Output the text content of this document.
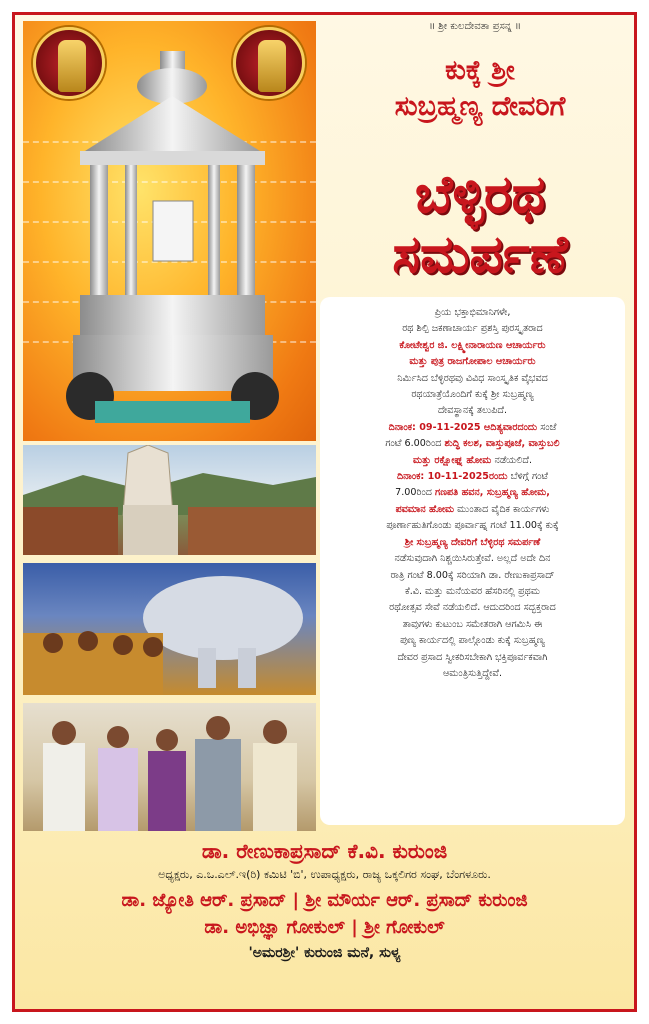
॥ ಶ್ರೀ ಕುಲದೇವತಾ ಪ್ರಸನ್ನ ॥
ಕುಕ್ಕೆ ಶ್ರೀ
ಸುಬ್ರಹ್ಮಣ್ಯ ದೇವರಿಗೆ
ಬೆಳ್ಳಿರಥ
ಸಮರ್ಪಣೆ

ಪ್ರಿಯ ಭಕ್ತಾಭಿಮಾನಿಗಳೇ,

ರಥ ಶಿಲ್ಪಿ ಜಕಣಾಚಾರ್ಯ ಪ್ರಶಸ್ತಿ ಪುರಸ್ಕೃತರಾದ

ಕೋಟೇಶ್ವರ ಜಿ. ಲಕ್ಷ್ಮೀನಾರಾಯಣ ಆಚಾರ್ಯರು

ಮತ್ತು ಪುತ್ರ ರಾಜಗೋಪಾಲ ಆಚಾರ್ಯರು

ನಿರ್ಮಿಸಿದ ಬೆಳ್ಳಿರಥವು ವಿವಿಧ ಸಾಂಸ್ಕೃತಿಕ ವೈಭವದ

ರಥಯಾತ್ರೆಯೊಂದಿಗೆ ಕುಕ್ಕೆ ಶ್ರೀ ಸುಬ್ರಹ್ಮಣ್ಯ

ದೇವಸ್ಥಾನಕ್ಕೆ ತಲುಪಿದೆ.

ದಿನಾಂಕ: 09-11-2025 ಆದಿತ್ಯವಾರದಂದು ಸಂಜೆ

ಗಂಟೆ 6.00ರಿಂದ ಶುದ್ಧಿ ಕಲಶ, ವಾಸ್ತುಪೂಜೆ, ವಾಸ್ತುಬಲಿ

ಮತ್ತು ರಕ್ಷೋಘ್ನ ಹೋಮ ನಡೆಯಲಿದೆ.

ದಿನಾಂಕ: 10-11-2025ರಂದು ಬೆಳಿಗ್ಗೆ ಗಂಟೆ

7.00ರಿಂದ ಗಣಪತಿ ಹವನ, ಸುಬ್ರಹ್ಮಣ್ಯ ಹೋಮ,

ಪವಮಾನ ಹೋಮ ಮುಂತಾದ ವೈದಿಕ ಕಾರ್ಯಗಳು

ಪೂರ್ಣಾಹುತಿಗೊಂಡು ಪೂರ್ವಾಹ್ನ ಗಂಟೆ 11.00ಕ್ಕೆ ಕುಕ್ಕೆ

ಶ್ರೀ ಸುಬ್ರಹ್ಮಣ್ಯ ದೇವರಿಗೆ ಬೆಳ್ಳಿರಥ ಸಮರ್ಪಣೆ

ನಡೆಸುವುದಾಗಿ ನಿಶ್ಚಯಿಸಿರುತ್ತೇವೆ. ಅಲ್ಲದೆ ಅದೇ ದಿನ

ರಾತ್ರಿ ಗಂಟೆ 8.00ಕ್ಕೆ ಸರಿಯಾಗಿ ಡಾ. ರೇಣುಕಾಪ್ರಸಾದ್

ಕೆ.ವಿ. ಮತ್ತು ಮನೆಯವರ ಹೆಸರಿನಲ್ಲಿ ಪ್ರಥಮ

ರಥೋತ್ಸವ ಸೇವೆ ನಡೆಯಲಿದೆ. ಆದುದರಿಂದ ಸದ್ಭಕ್ತರಾದ

ತಾವುಗಳು ಕುಟುಂಬ ಸಮೇತರಾಗಿ ಆಗಮಿಸಿ ಈ

ಪುಣ್ಯ ಕಾರ್ಯದಲ್ಲಿ ಪಾಲ್ಗೊಂಡು ಕುಕ್ಕೆ ಸುಬ್ರಹ್ಮಣ್ಯ

ದೇವರ ಪ್ರಸಾದ ಸ್ವೀಕರಿಸಬೇಕಾಗಿ ಭಕ್ತಿಪೂರ್ವಕವಾಗಿ

ಆಮಂತ್ರಿಸುತ್ತಿದ್ದೇವೆ.

ಡಾ. ರೇಣುಕಾಪ್ರಸಾದ್ ಕೆ.ವಿ. ಕುರುಂಜಿ
ಅಧ್ಯಕ್ಷರು, ಎ.ಒ.ಎಲ್.ಇ(ರಿ) ಕಮಿಟಿ 'ಬಿ', ಉಪಾಧ್ಯಕ್ಷರು, ರಾಜ್ಯ ಒಕ್ಕಲಿಗರ ಸಂಘ, ಬೆಂಗಳೂರು.
ಡಾ. ಜ್ಯೋತಿ ಆರ್. ಪ್ರಸಾದ್ | ಶ್ರೀ ಮೌರ್ಯ ಆರ್. ಪ್ರಸಾದ್ ಕುರುಂಜಿ
ಡಾ. ಅಭಿಜ್ಞಾ ಗೋಕುಲ್ | ಶ್ರೀ ಗೋಕುಲ್
'ಅಮರಶ್ರೀ' ಕುರುಂಜಿ ಮನೆ, ಸುಳ್ಯ
